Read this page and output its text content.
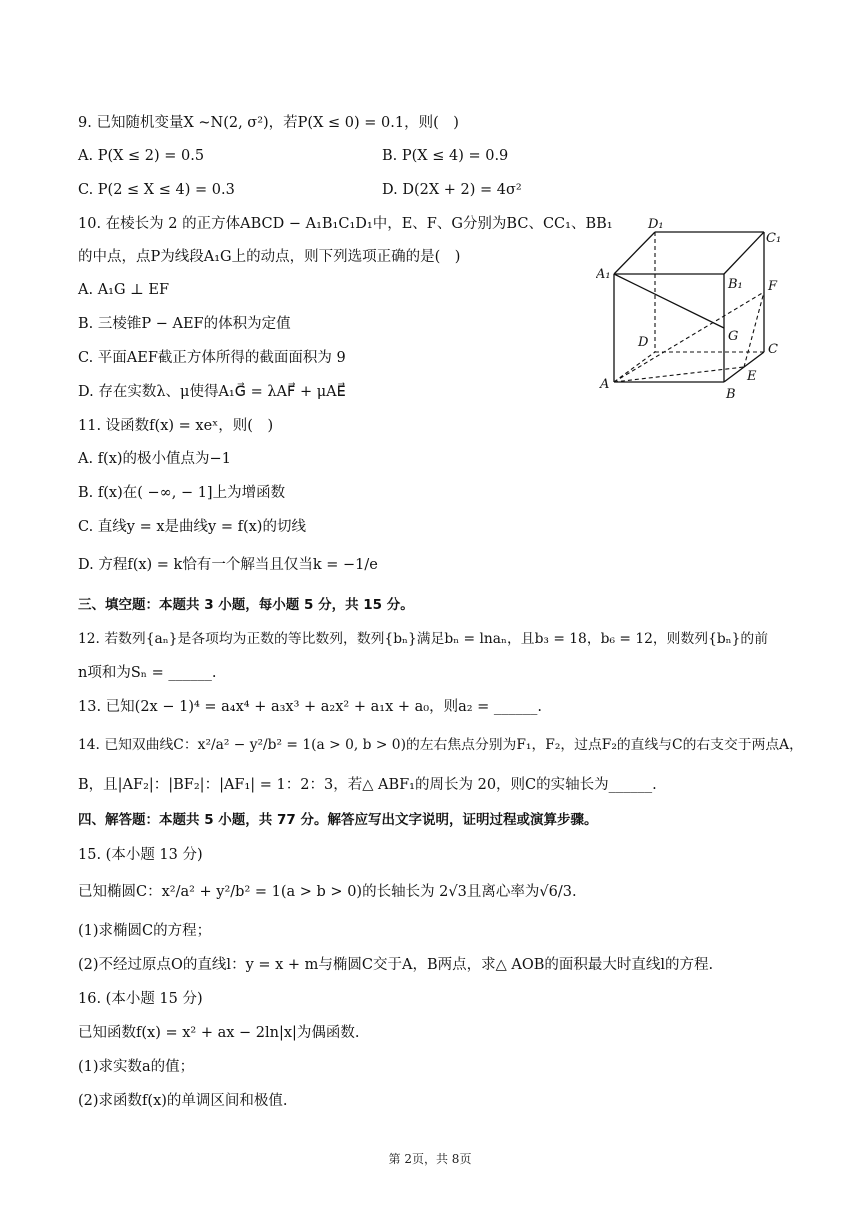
9. 已知随机变量X ~N(2, σ²)，若P(X ≤ 0) = 0.1，则(　)
A. P(X ≤ 2) = 0.5	B. P(X ≤ 4) = 0.9
C. P(2 ≤ X ≤ 4) = 0.3	D. D(2X + 2) = 4σ²
10. 在棱长为 2 的正方体ABCD − A₁B₁C₁D₁中，E、F、G分别为BC、CC₁、BB₁
的中点，点P为线段A₁G上的动点，则下列选项正确的是(　)
A. A₁G ⊥ EF
B. 三棱锥P − AEF的体积为定值
C. 平面AEF截正方体所得的截面面积为 9
D. 存在实数λ、μ使得A₁G⃗ = λAF⃗ + μAE⃗
D₁
C₁
A₁
B₁ F
G
D	C
A
E
B
11. 设函数f(x) = xeˣ，则(　)
A. f(x)的极小值点为−1
B. f(x)在( −∞, − 1]上为增函数
C. 直线y = x是曲线y = f(x)的切线
D. 方程f(x) = k恰有一个解当且仅当k = −1/e
三、填空题：本题共 3 小题，每小题 5 分，共 15 分。
12. 若数列{aₙ}是各项均为正数的等比数列，数列{bₙ}满足bₙ = lnaₙ，且b₃ = 18，b₆ = 12，则数列{bₙ}的前
n项和为Sₙ = ______.
13. 已知(2x − 1)⁴ = a₄x⁴ + a₃x³ + a₂x² + a₁x + a₀，则a₂ = ______.
14. 已知双曲线C：x²/a² − y²/b² = 1(a > 0, b > 0)的左右焦点分别为F₁，F₂，过点F₂的直线与C的右支交于两点A，
B，且|AF₂|：|BF₂|：|AF₁| = 1：2：3，若△ ABF₁的周长为 20，则C的实轴长为______.
四、解答题：本题共 5 小题，共 77 分。解答应写出文字说明，证明过程或演算步骤。
15. (本小题 13 分)
已知椭圆C：x²/a² + y²/b² = 1(a > b > 0)的长轴长为 2√3且离心率为√6/3.
(1)求椭圆C的方程；
(2)不经过原点O的直线l：y = x + m与椭圆C交于A，B两点，求△ AOB的面积最大时直线l的方程.
16. (本小题 15 分)
已知函数f(x) = x² + ax − 2ln|x|为偶函数.
(1)求实数a的值；
(2)求函数f(x)的单调区间和极值.
第 2页，共 8页
